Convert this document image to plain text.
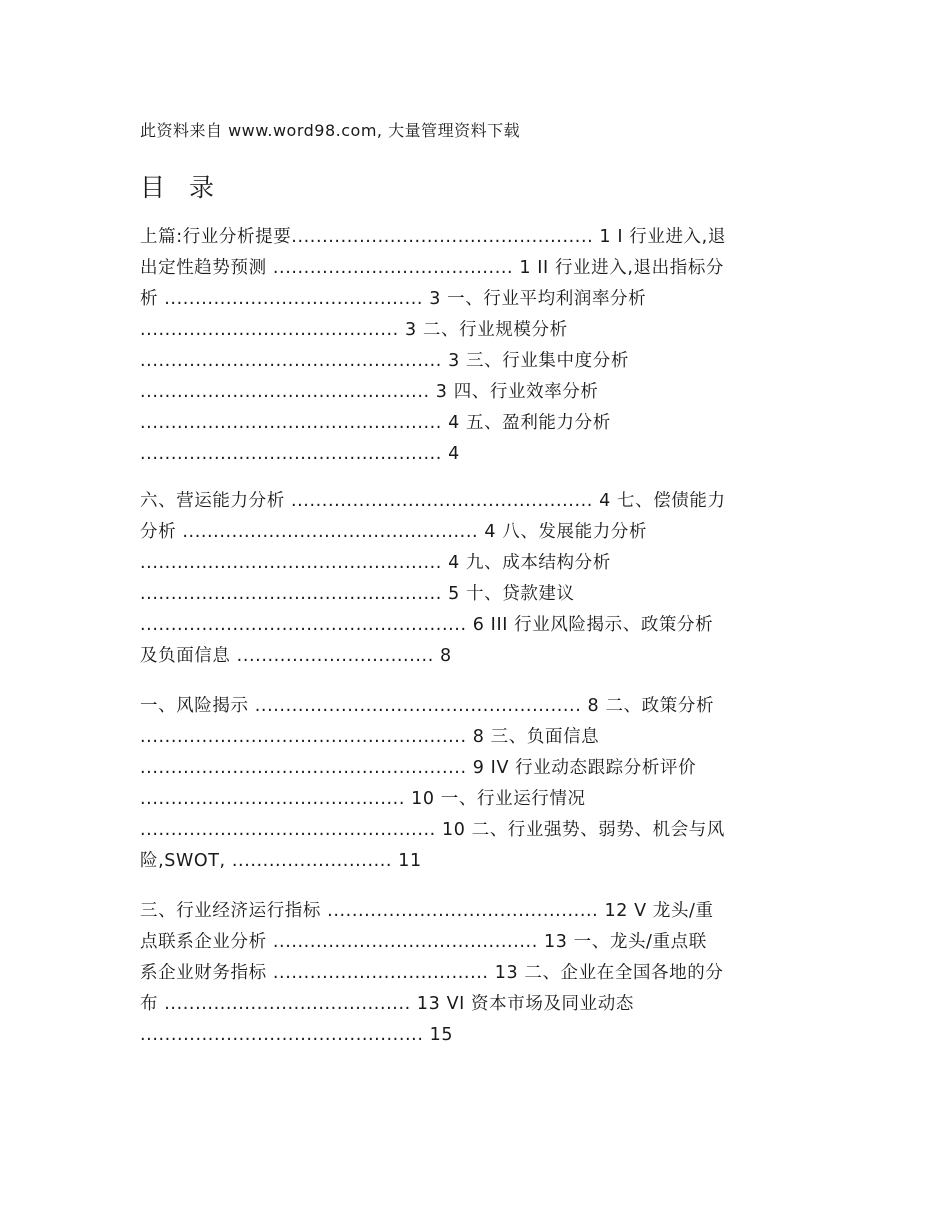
此资料来自 www.word98.com, 大量管理资料下载
目 录
上篇:行业分析提要................................................. 1 I 行业进入,退
出定性趋势预测 ....................................... 1 II 行业进入,退出指标分
析 .......................................... 3 一、行业平均利润率分析
.......................................... 3 二、行业规模分析
................................................. 3 三、行业集中度分析
............................................... 3 四、行业效率分析
................................................. 4 五、盈利能力分析
................................................. 4
六、营运能力分析 ................................................. 4 七、偿债能力
分析 ................................................ 4 八、发展能力分析
................................................. 4 九、成本结构分析
................................................. 5 十、贷款建议
..................................................... 6 III 行业风险揭示、政策分析
及负面信息 ................................ 8
一、风险揭示 ..................................................... 8 二、政策分析
..................................................... 8 三、负面信息
..................................................... 9 IV 行业动态跟踪分析评价
........................................... 10 一、行业运行情况
................................................ 10 二、行业强势、弱势、机会与风
险,SWOT, .......................... 11
三、行业经济运行指标 ............................................ 12 V 龙头/重
点联系企业分析 ........................................... 13 一、龙头/重点联
系企业财务指标 ................................... 13 二、企业在全国各地的分
布 ........................................ 13 VI 资本市场及同业动态
.............................................. 15
